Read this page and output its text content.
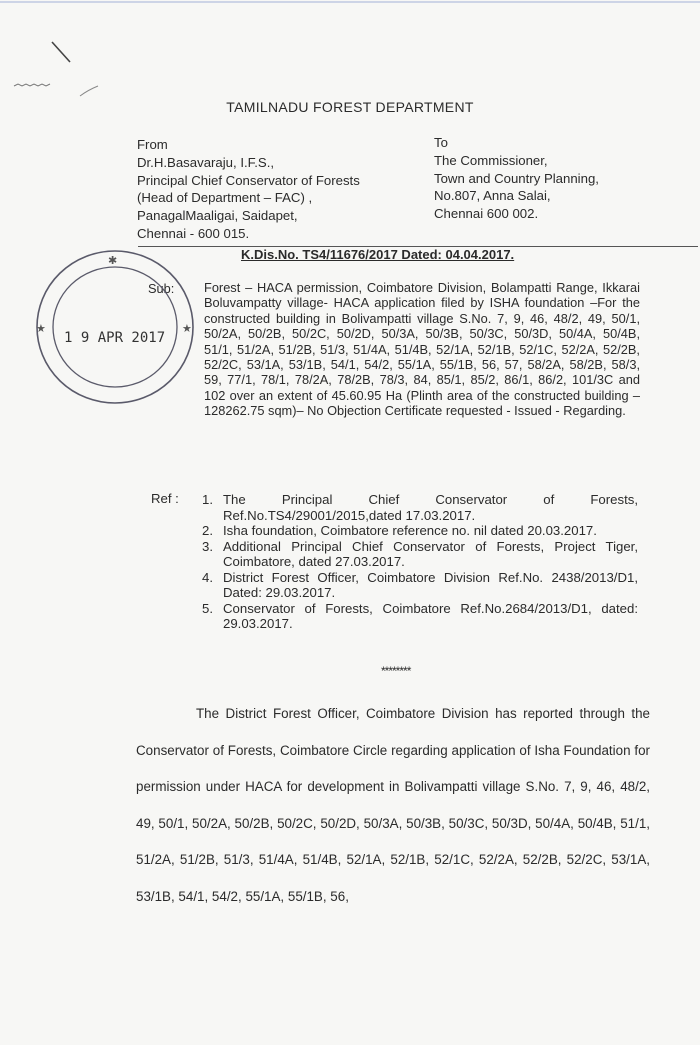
TAMILNADU FOREST DEPARTMENT
From
Dr.H.Basavaraju, I.F.S.,
Principal Chief Conservator of Forests
(Head of Department – FAC) ,
PanagalMaaligai, Saidapet,
Chennai - 600 015.
To
The Commissioner,
Town and Country Planning,
No.807, Anna Salai,
Chennai 600 002.
K.Dis.No. TS4/11676/2017 Dated: 04.04.2017.
Sub: Forest – HACA permission, Coimbatore Division, Bolampatti Range, Ikkarai Boluvampatty village- HACA application filed by ISHA foundation –For the constructed building in Bolivampatti village S.No. 7, 9, 46, 48/2, 49, 50/1, 50/2A, 50/2B, 50/2C, 50/2D, 50/3A, 50/3B, 50/3C, 50/3D, 50/4A, 50/4B, 51/1, 51/2A, 51/2B, 51/3, 51/4A, 51/4B, 52/1A, 52/1B, 52/1C, 52/2A, 52/2B, 52/2C, 53/1A, 53/1B, 54/1, 54/2, 55/1A, 55/1B, 56, 57, 58/2A, 58/2B, 58/3, 59, 77/1, 78/1, 78/2A, 78/2B, 78/3, 84, 85/1, 85/2, 86/1, 86/2, 101/3C and 102 over an extent of 45.60.95 Ha (Plinth area of the constructed building – 128262.75 sqm)– No Objection Certificate requested - Issued - Regarding.
✱
★	★
1 9 APR 2017
Ref : 1. The Principal Chief Conservator of Forests, Ref.No.TS4/29001/2015,dated 17.03.2017.
2. Isha foundation, Coimbatore reference no. nil dated 20.03.2017.
3. Additional Principal Chief Conservator of Forests, Project Tiger, Coimbatore, dated 27.03.2017.
4. District Forest Officer, Coimbatore Division Ref.No. 2438/2013/D1, Dated: 29.03.2017.
5. Conservator of Forests, Coimbatore Ref.No.2684/2013/D1, dated: 29.03.2017.
********
The District Forest Officer, Coimbatore Division has reported through the Conservator of Forests, Coimbatore Circle regarding application of Isha Foundation for permission under HACA for development in Bolivampatti village S.No. 7, 9, 46, 48/2, 49, 50/1, 50/2A, 50/2B, 50/2C, 50/2D, 50/3A, 50/3B, 50/3C, 50/3D, 50/4A, 50/4B, 51/1, 51/2A, 51/2B, 51/3, 51/4A, 51/4B, 52/1A, 52/1B, 52/1C, 52/2A, 52/2B, 52/2C, 53/1A, 53/1B, 54/1, 54/2, 55/1A, 55/1B, 56,
